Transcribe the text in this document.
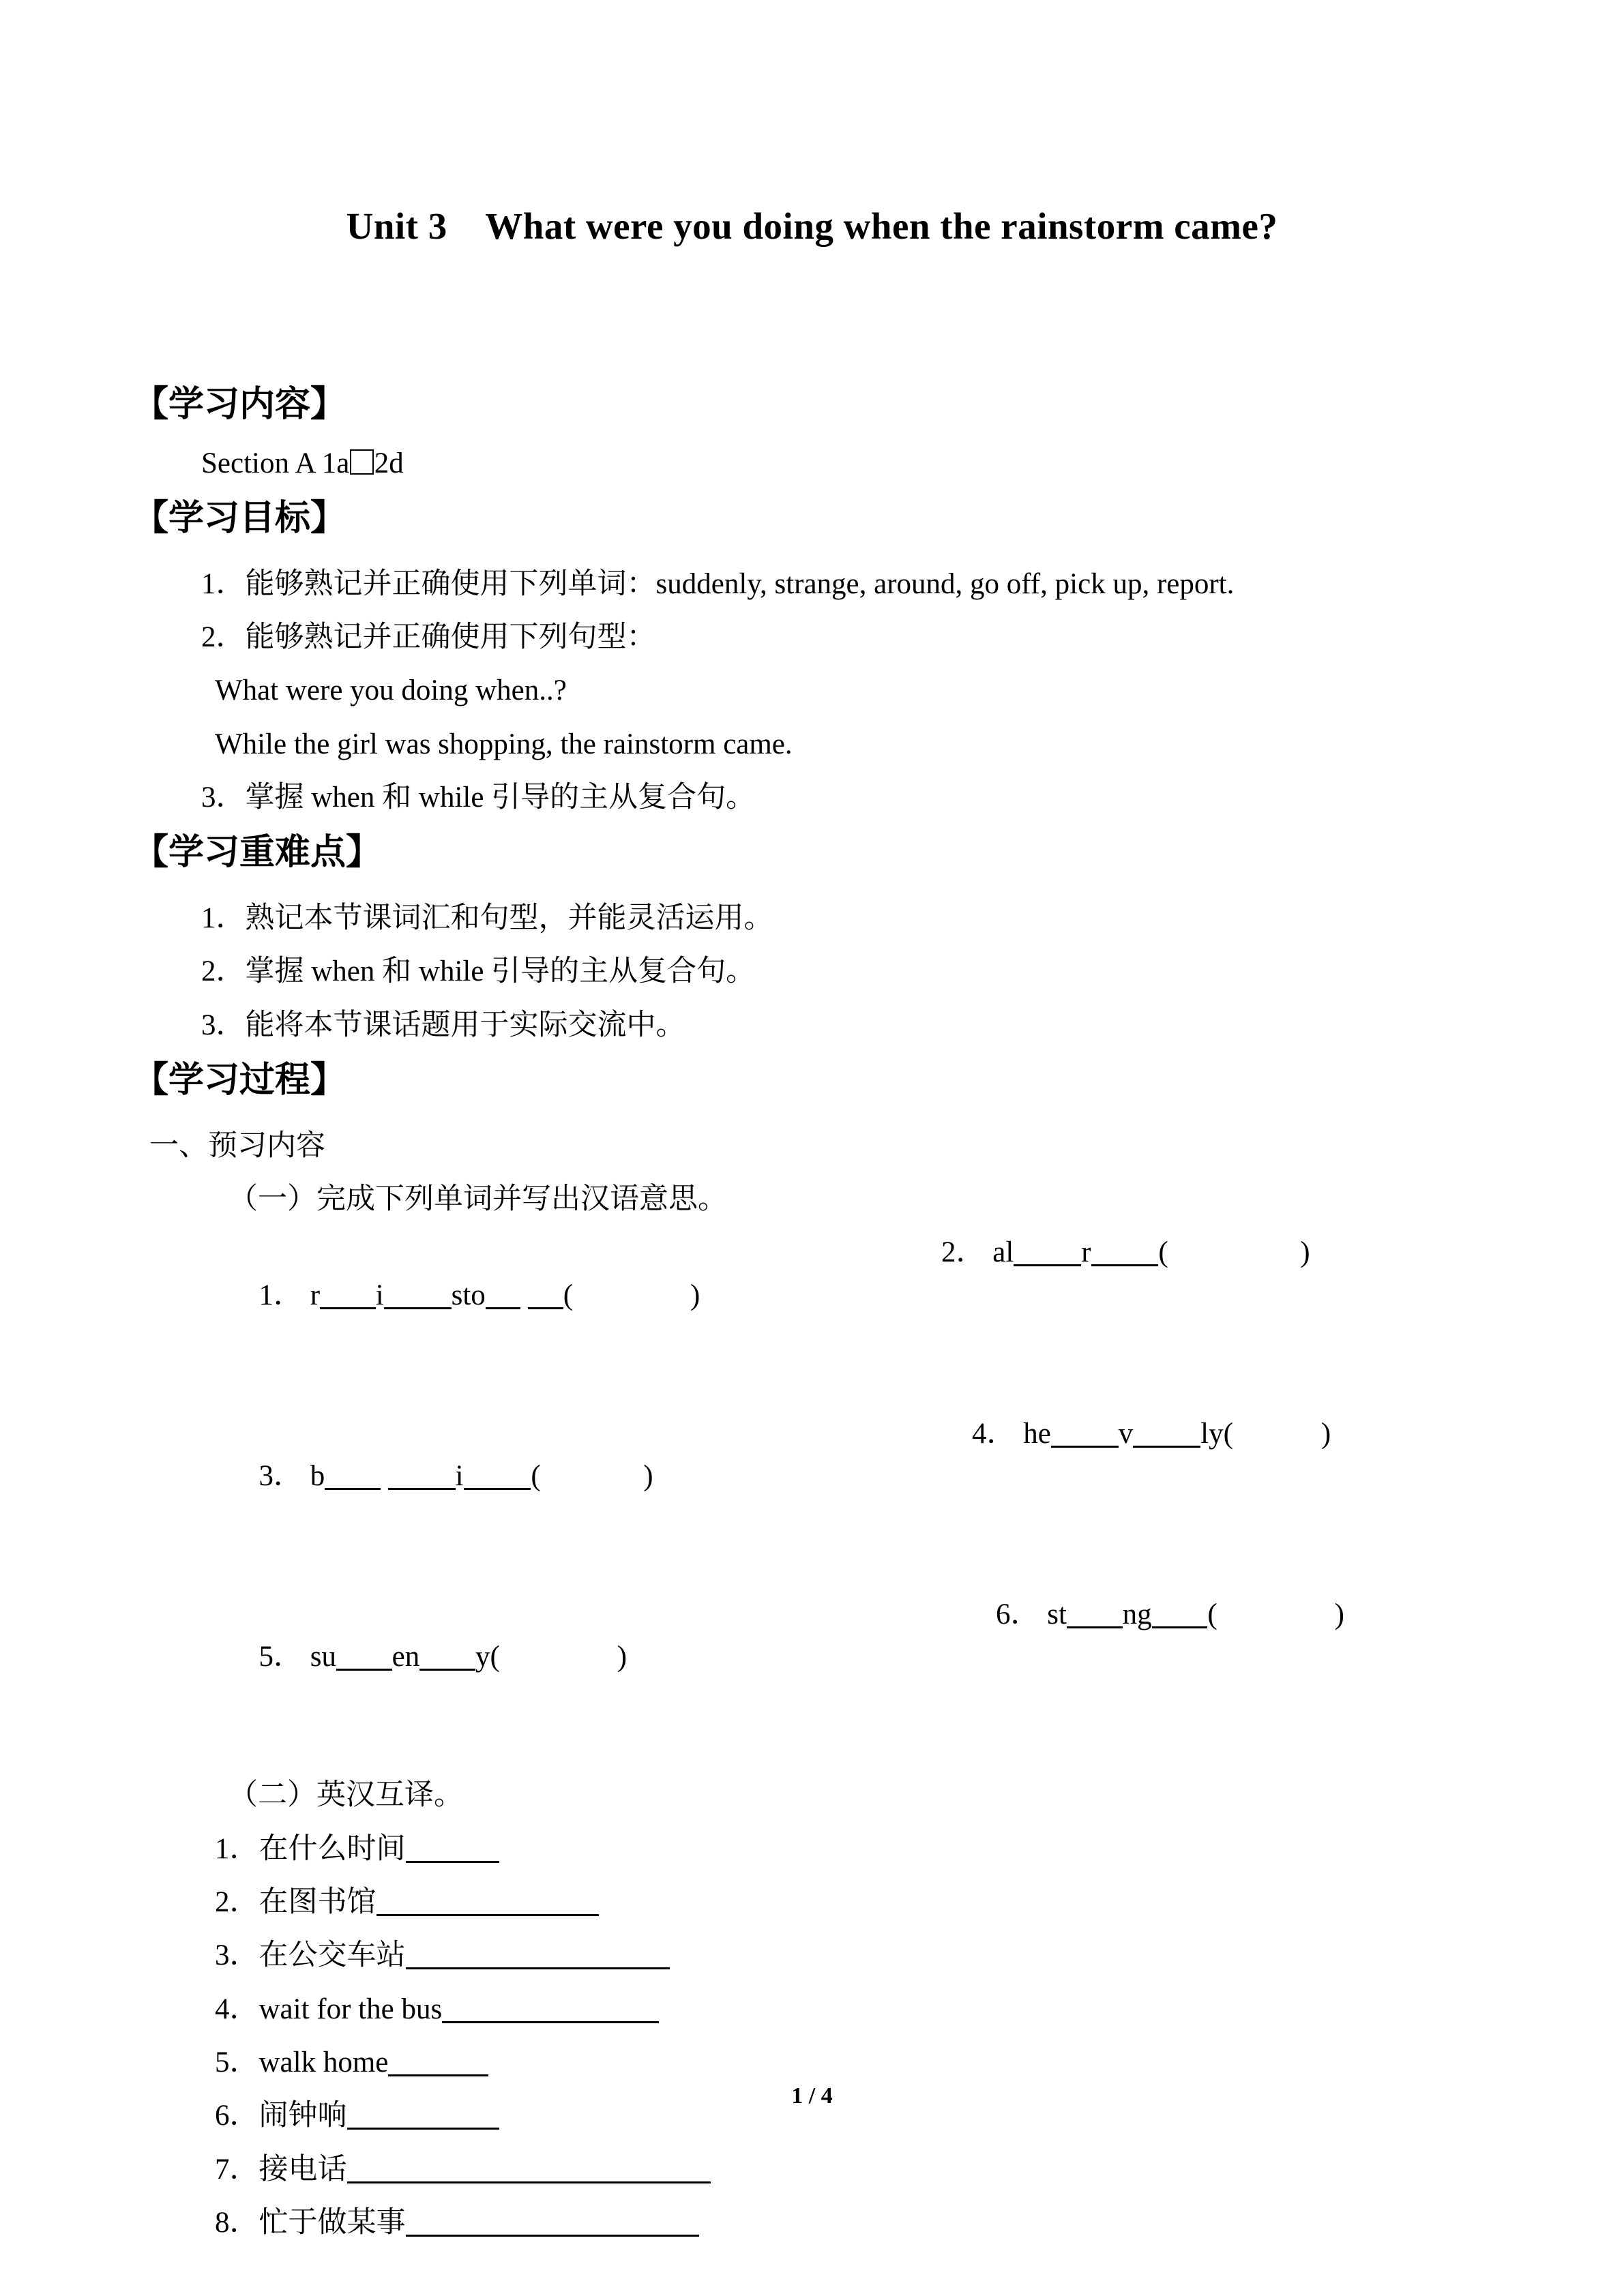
Unit 3 What were you doing when the rainstorm came?
【学习内容】
Section A 1a 2d
【学习目标】
1．能够熟记并正确使用下列单词：suddenly, strange, around, go off, pick up, report.
2．能够熟记并正确使用下列句型：
What were you doing when..?
While the girl was shopping, the rainstorm came.
3．掌握 when 和 while 引导的主从复合句。
【学习重难点】
1．熟记本节课词汇和句型，并能灵活运用。
2．掌握 when 和 while 引导的主从复合句。
3．能将本节课话题用于实际交流中。
【学习过程】
一、预习内容
（一）完成下列单词并写出汉语意思。

1． r i sto	(                )

2． al r (                  )

3． b	i (              )

4． he v ly(            )

5． su en y(                )

6． st ng (                )

（二）英汉互译。
1．在什么时间
2．在图书馆
3．在公交车站
4．wait for the bus
5．walk home
6．闹钟响
7．接电话
8．忙于做某事
1 / 4
